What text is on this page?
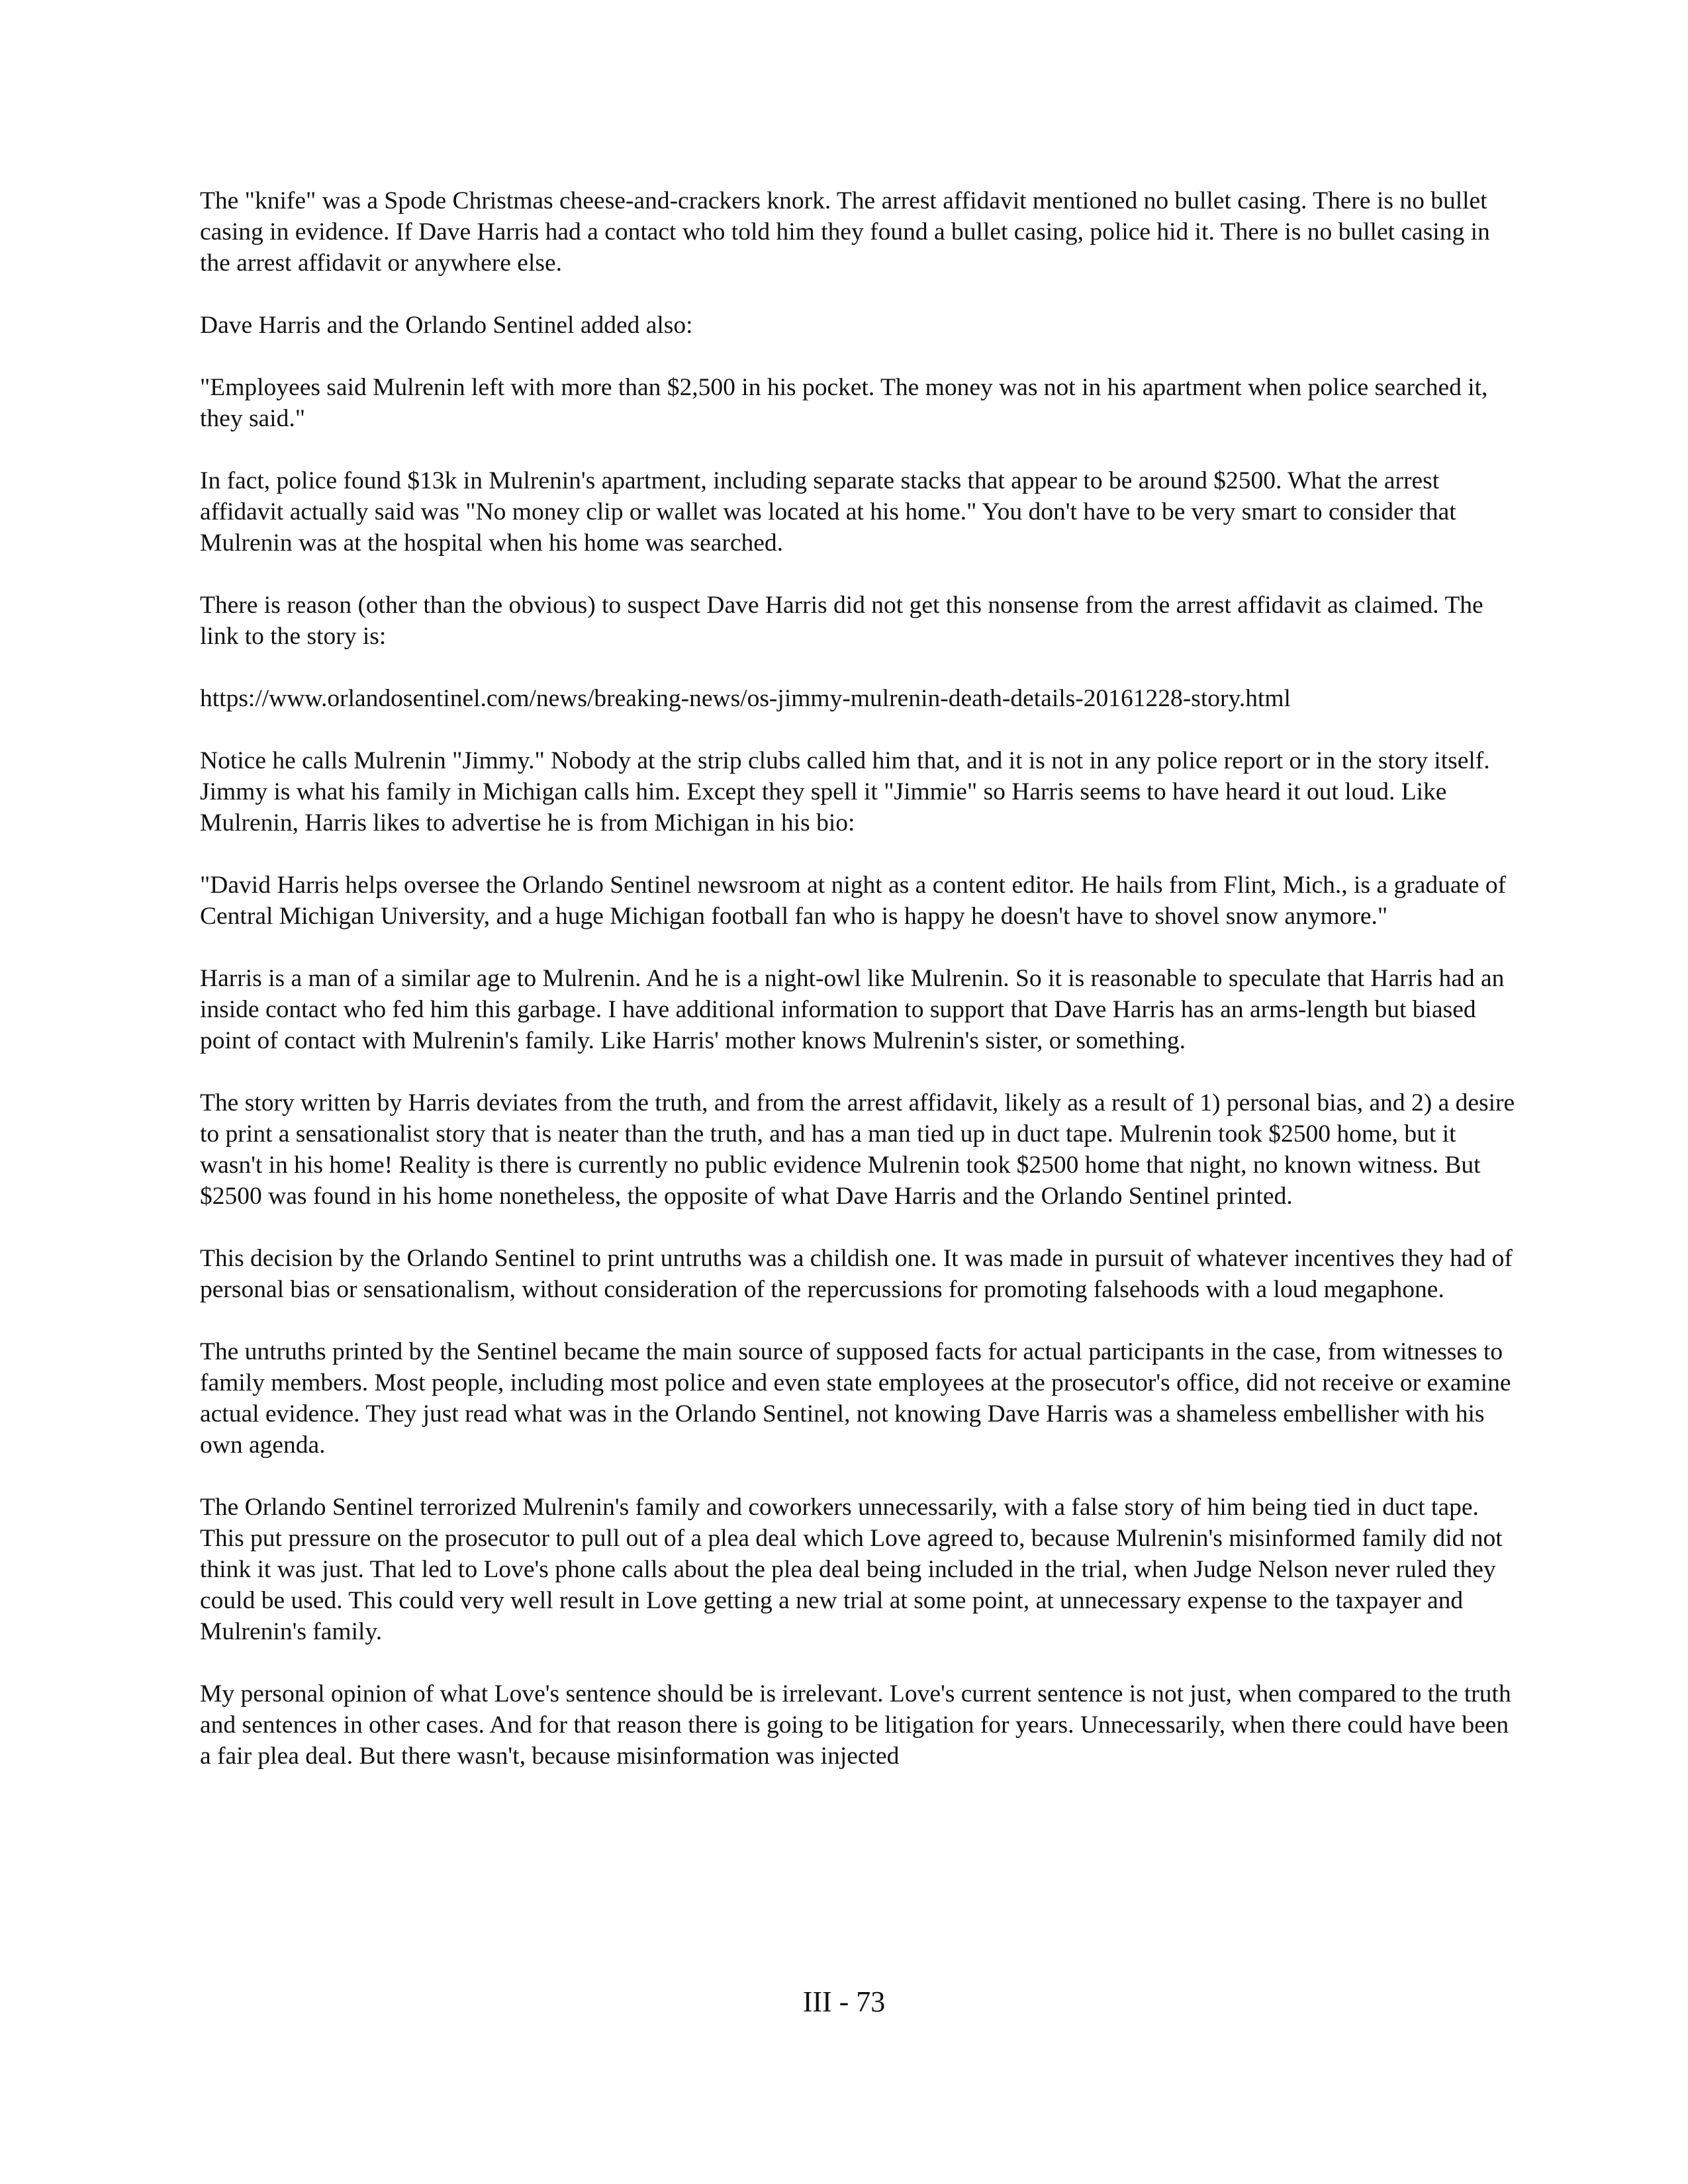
The "knife" was a Spode Christmas cheese-and-crackers knork. The arrest affidavit mentioned no bullet casing. There is no bullet casing in evidence. If Dave Harris had a contact who told him they found a bullet casing, police hid it. There is no bullet casing in the arrest affidavit or anywhere else.

Dave Harris and the Orlando Sentinel added also:

"Employees said Mulrenin left with more than $2,500 in his pocket. The money was not in his apartment when police searched it, they said."

In fact, police found $13k in Mulrenin's apartment, including separate stacks that appear to be around $2500. What the arrest affidavit actually said was "No money clip or wallet was located at his home." You don't have to be very smart to consider that Mulrenin was at the hospital when his home was searched.

There is reason (other than the obvious) to suspect Dave Harris did not get this nonsense from the arrest affidavit as claimed. The link to the story is:

https://www.orlandosentinel.com/news/breaking-news/os-jimmy-mulrenin-death-details-20161228-story.html

Notice he calls Mulrenin "Jimmy." Nobody at the strip clubs called him that, and it is not in any police report or in the story itself. Jimmy is what his family in Michigan calls him. Except they spell it "Jimmie" so Harris seems to have heard it out loud. Like Mulrenin, Harris likes to advertise he is from Michigan in his bio:

"David Harris helps oversee the Orlando Sentinel newsroom at night as a content editor. He hails from Flint, Mich., is a graduate of Central Michigan University, and a huge Michigan football fan who is happy he doesn't have to shovel snow anymore."

Harris is a man of a similar age to Mulrenin. And he is a night-owl like Mulrenin. So it is reasonable to speculate that Harris had an inside contact who fed him this garbage. I have additional information to support that Dave Harris has an arms-length but biased point of contact with Mulrenin's family. Like Harris' mother knows Mulrenin's sister, or something.

The story written by Harris deviates from the truth, and from the arrest affidavit, likely as a result of 1) personal bias, and 2) a desire to print a sensationalist story that is neater than the truth, and has a man tied up in duct tape. Mulrenin took $2500 home, but it wasn't in his home! Reality is there is currently no public evidence Mulrenin took $2500 home that night, no known witness. But $2500 was found in his home nonetheless, the opposite of what Dave Harris and the Orlando Sentinel printed.

This decision by the Orlando Sentinel to print untruths was a childish one. It was made in pursuit of whatever incentives they had of personal bias or sensationalism, without consideration of the repercussions for promoting falsehoods with a loud megaphone.

The untruths printed by the Sentinel became the main source of supposed facts for actual participants in the case, from witnesses to family members. Most people, including most police and even state employees at the prosecutor's office, did not receive or examine actual evidence. They just read what was in the Orlando Sentinel, not knowing Dave Harris was a shameless embellisher with his own agenda.

The Orlando Sentinel terrorized Mulrenin's family and coworkers unnecessarily, with a false story of him being tied in duct tape. This put pressure on the prosecutor to pull out of a plea deal which Love agreed to, because Mulrenin's misinformed family did not think it was just. That led to Love's phone calls about the plea deal being included in the trial, when Judge Nelson never ruled they could be used. This could very well result in Love getting a new trial at some point, at unnecessary expense to the taxpayer and Mulrenin's family.

My personal opinion of what Love's sentence should be is irrelevant. Love's current sentence is not just, when compared to the truth and sentences in other cases. And for that reason there is going to be litigation for years. Unnecessarily, when there could have been a fair plea deal. But there wasn't, because misinformation was injected

III - 73
